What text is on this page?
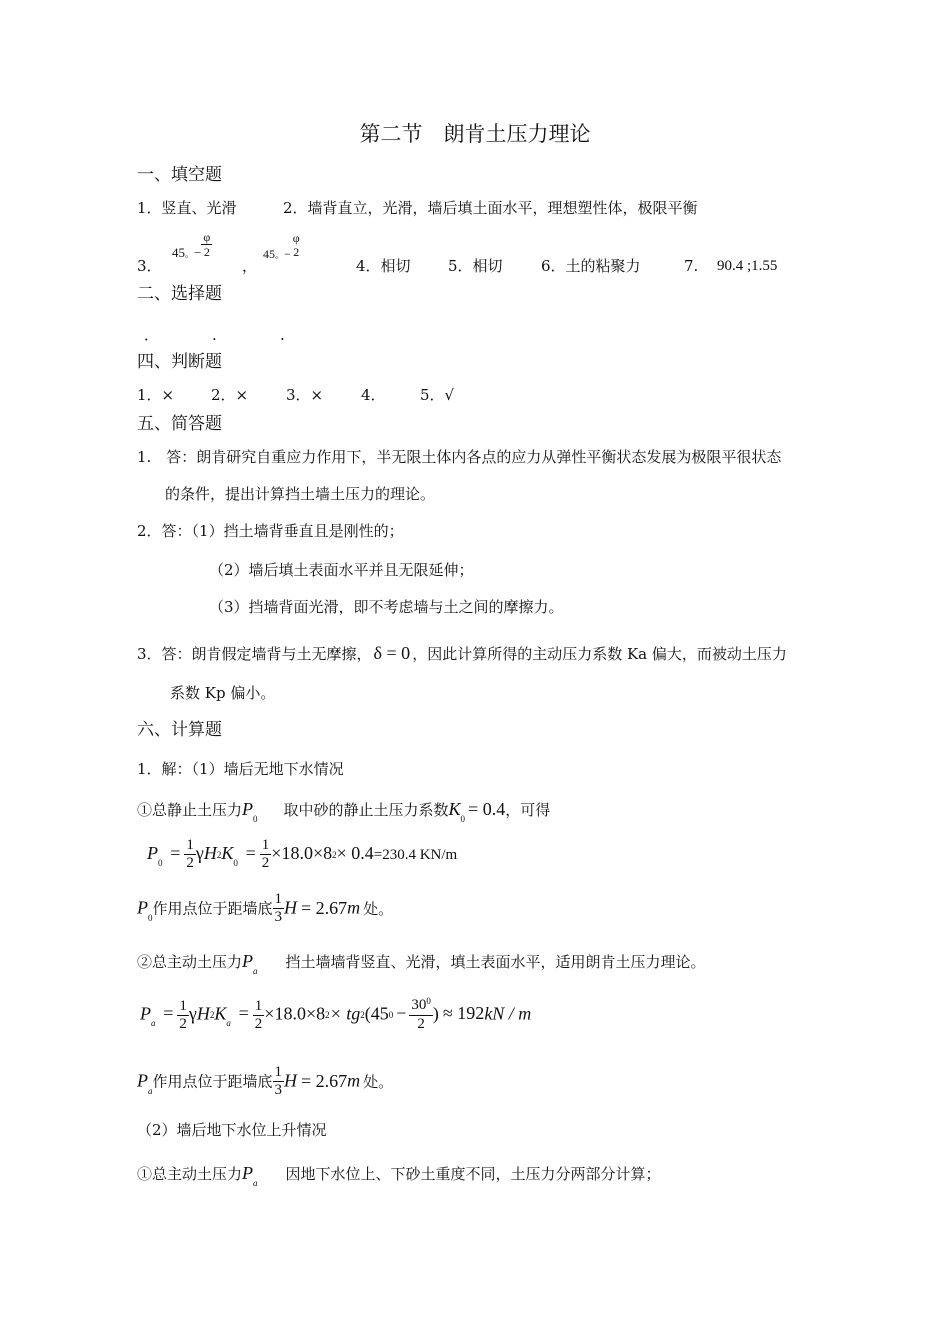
第二节　朗肯土压力理论
一、填空题
1．竖直、光滑	2．墙背直立，光滑，墙后填土面水平，理想塑性体，极限平衡
3．
$45_。- \frac{\varphi}{2}$
，
$_{45。-}$
φ
2
4．相切 5．相切	6．土的粘聚力	7. 90.4 ;1.55
二、选择题
．	.	.
四、判断题
1．× 2．×	3．×	4． 5．√
五、简答题
1.　答：朗肯研究自重应力作用下，半无限土体内各点的应力从弹性平衡状态发展为极限平很状态
的条件，提出计算挡土墙土压力的理论。
2．答：（1）挡土墙背垂直且是刚性的；
（2）墙后填土表面水平并且无限延伸；
（3）挡墙背面光滑，即不考虑墙与土之间的摩擦力。
3．答：朗肯假定墙背与土无摩擦， δ = 0 ，因此计算所得的主动压力系数 Ka 偏大，而被动土压力
系数 Kp 偏小。
六、计算题
1．解：（1）墙后无地下水情况
①总静止土压力$P_0$ 取中砂的静止土压力系数$K_0 = 0.4$，可得
$P_0 = \frac{1}{2} \gamma H2K_0 = \frac{1}{2} \times 18.0\times 82\times 0.4=230.4$ KN/m
$P_0$作用点位于距墙底 $\frac{1}{3}$ H = 2.67m 处。
②总主动土压力$P_a$ 挡土墙墙背竖直、光滑，填土表面水平，适用朗肯土压力理论。
$P_a = \frac{1}{2} \gamma H2K_a = \frac{1}{2} \times 18.0\times 82\times tg2(450 - \frac{30^0}{2}$ ) ≈ 192kN / m
$P_a$作用点位于距墙底 $\frac{1}{3}$ H = 2.67m 处。
（2）墙后地下水位上升情况
①总主动土压力$P_a$ 因地下水位上、下砂土重度不同，土压力分两部分计算；
